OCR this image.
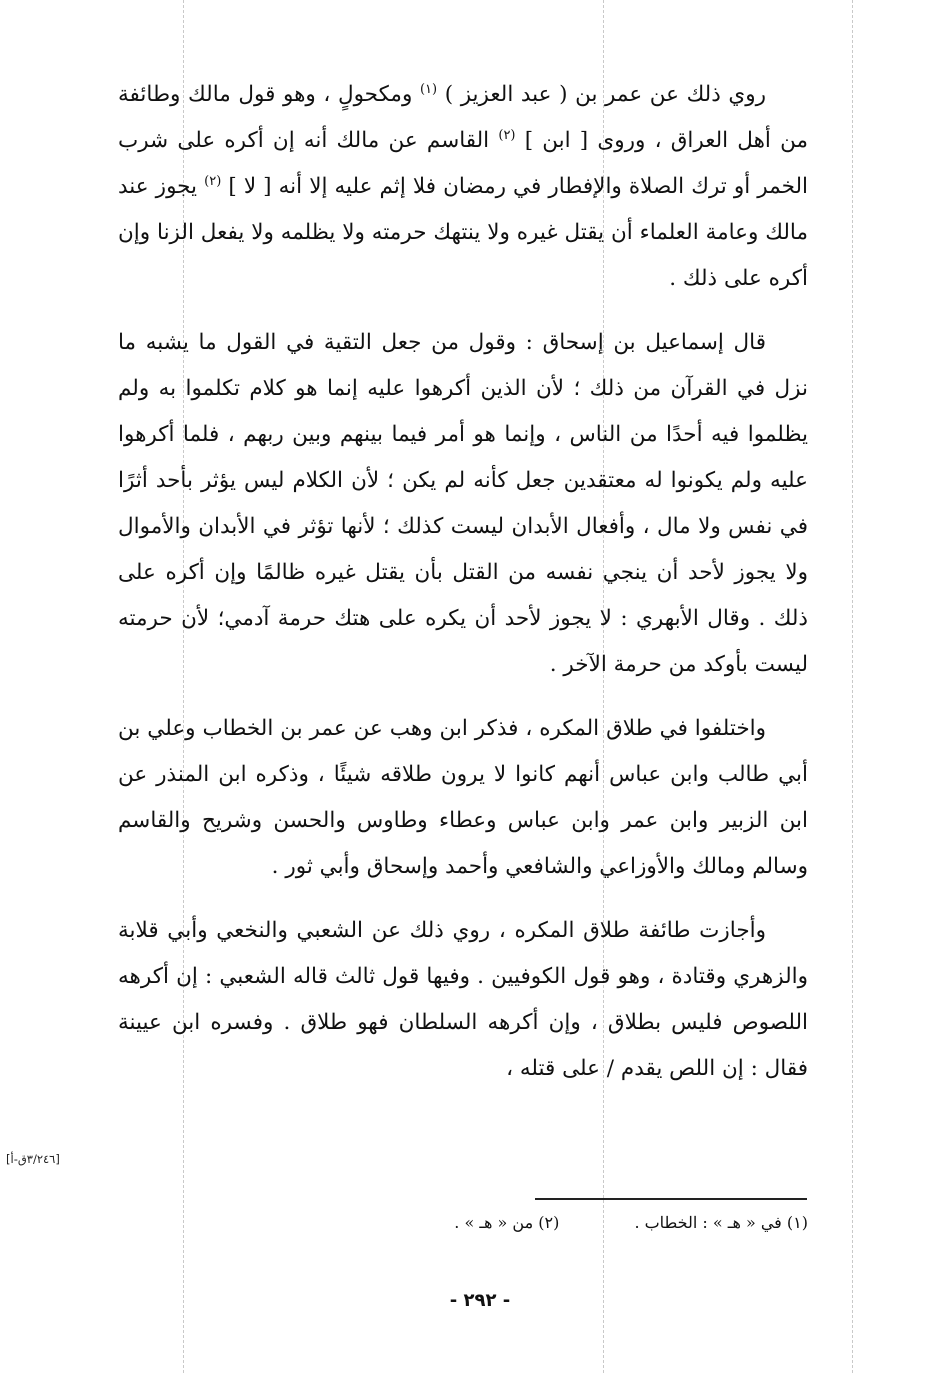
روي ذلك عن عمر بن ( عبد العزيز ) $^{(١)}$ ومكحولٍ ، وهو قول مالك وطائفة من أهل العراق ، وروى [ ابن ] $^{(٢)}$ القاسم عن مالك أنه إن أكره على شرب الخمر أو ترك الصلاة والإفطار في رمضان فلا إثم عليه إلا أنه [ لا ] $^{(٢)}$ يجوز عند مالك وعامة العلماء أن يقتل غيره ولا ينتهك حرمته ولا يظلمه ولا يفعل الزنا وإن أكره على ذلك .

قال إسماعيل بن إسحاق : وقول من جعل التقية في القول ما يشبه ما نزل في القرآن من ذلك ؛ لأن الذين أكرهوا عليه إنما هو كلام تكلموا به ولم يظلموا فيه أحدًا من الناس ، وإنما هو أمر فيما بينهم وبين ربهم ، فلما أكرهوا عليه ولم يكونوا له معتقدين جعل كأنه لم يكن ؛ لأن الكلام ليس يؤثر بأحد أثرًا في نفس ولا مال ، وأفعال الأبدان ليست كذلك ؛ لأنها تؤثر في الأبدان والأموال ولا يجوز لأحد أن ينجي نفسه من القتل بأن يقتل غيره ظالمًا وإن أكره على ذلك . وقال الأبهري : لا يجوز لأحد أن يكره على هتك حرمة آدمي؛ لأن حرمته ليست بأوكد من حرمة الآخر .

واختلفوا في طلاق المكره ، فذكر ابن وهب عن عمر بن الخطاب وعلي بن أبي طالب وابن عباس أنهم كانوا لا يرون طلاقه شيئًا ، وذكره ابن المنذر عن ابن الزبير وابن عمر وابن عباس وعطاء وطاوس والحسن وشريح والقاسم وسالم ومالك والأوزاعي والشافعي وأحمد وإسحاق وأبي ثور .

وأجازت طائفة طلاق المكره ، روي ذلك عن الشعبي والنخعي وأبي قلابة والزهري وقتادة ، وهو قول الكوفيين . وفيها قول ثالث قاله الشعبي : إن أكرهه اللصوص فليس بطلاق ، وإن أكرهه السلطان فهو طلاق . وفسره ابن عيينة فقال : إن اللص يقدم / على قتله ،

[٣/٢٤٦ق-أ]
(١) في « هـ » : الخطاب . (٢) من « هـ » .
- ٢٩٢ -
